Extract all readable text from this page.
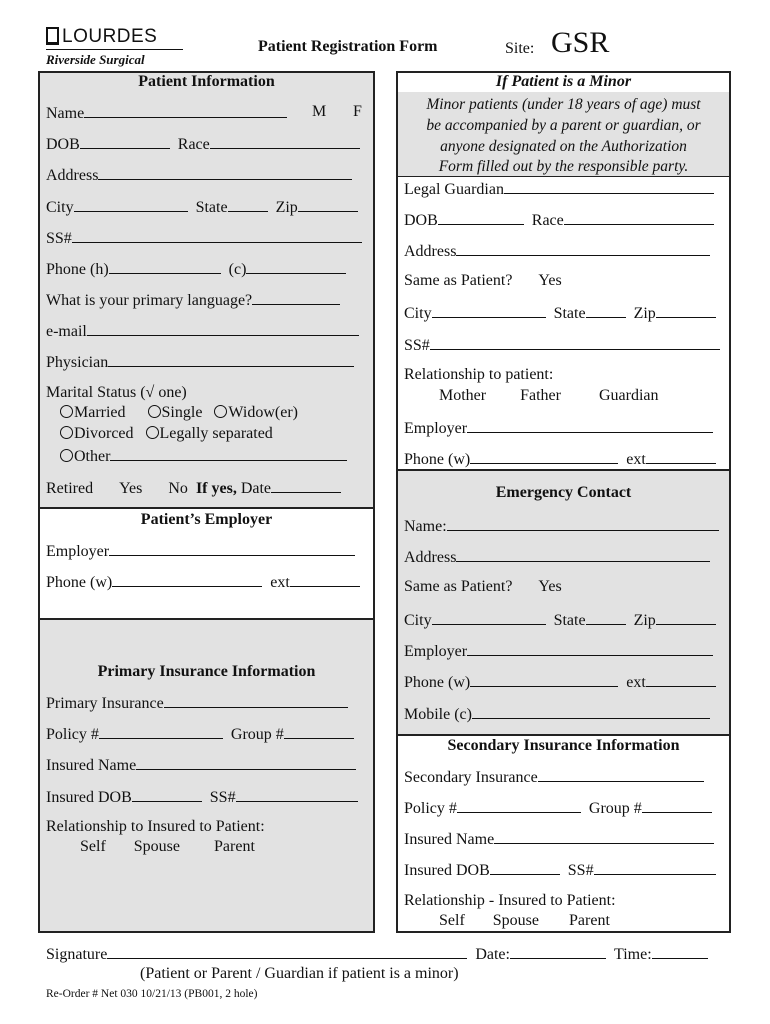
LOURDES
Riverside Surgical
Patient Registration Form	Site: GSR
Patient Information
Name	M F
DOB	Race
Address
City	State	Zip
SS#
Phone (h)	(c)
What is your primary language?
e-mail
Physician
Marital Status (√ one)
Married Single Widow(er)
Divorced Legally separated
Other
Retired Yes No If yes, Date
Patient’s Employer
Employer
Phone (w)	ext
Primary Insurance Information
Primary Insurance
Policy #	Group #
Insured Name
Insured DOB	SS#
Relationship to Insured to Patient:
Self Spouse Parent
If Patient is a Minor
Minor patients (under 18 years of age) must
be accompanied by a parent or guardian, or
anyone designated on the Authorization
Form filled out by the responsible party.
Legal Guardian
DOB	Race
Address
Same as Patient? Yes
City	State	Zip
SS#
Relationship to patient:
Mother Father Guardian
Employer
Phone (w)	ext
Emergency Contact
Name:
Address
Same as Patient? Yes
City	State	Zip
Employer
Phone (w)	ext
Mobile (c)
Secondary Insurance Information
Secondary Insurance
Policy #	Group #
Insured Name
Insured DOB	SS#
Relationship - Insured to Patient:
Self Spouse Parent
Signature	Date:	Time:
(Patient or Parent / Guardian if patient is a minor)
Re-Order # Net 030 10/21/13 (PB001, 2 hole)
